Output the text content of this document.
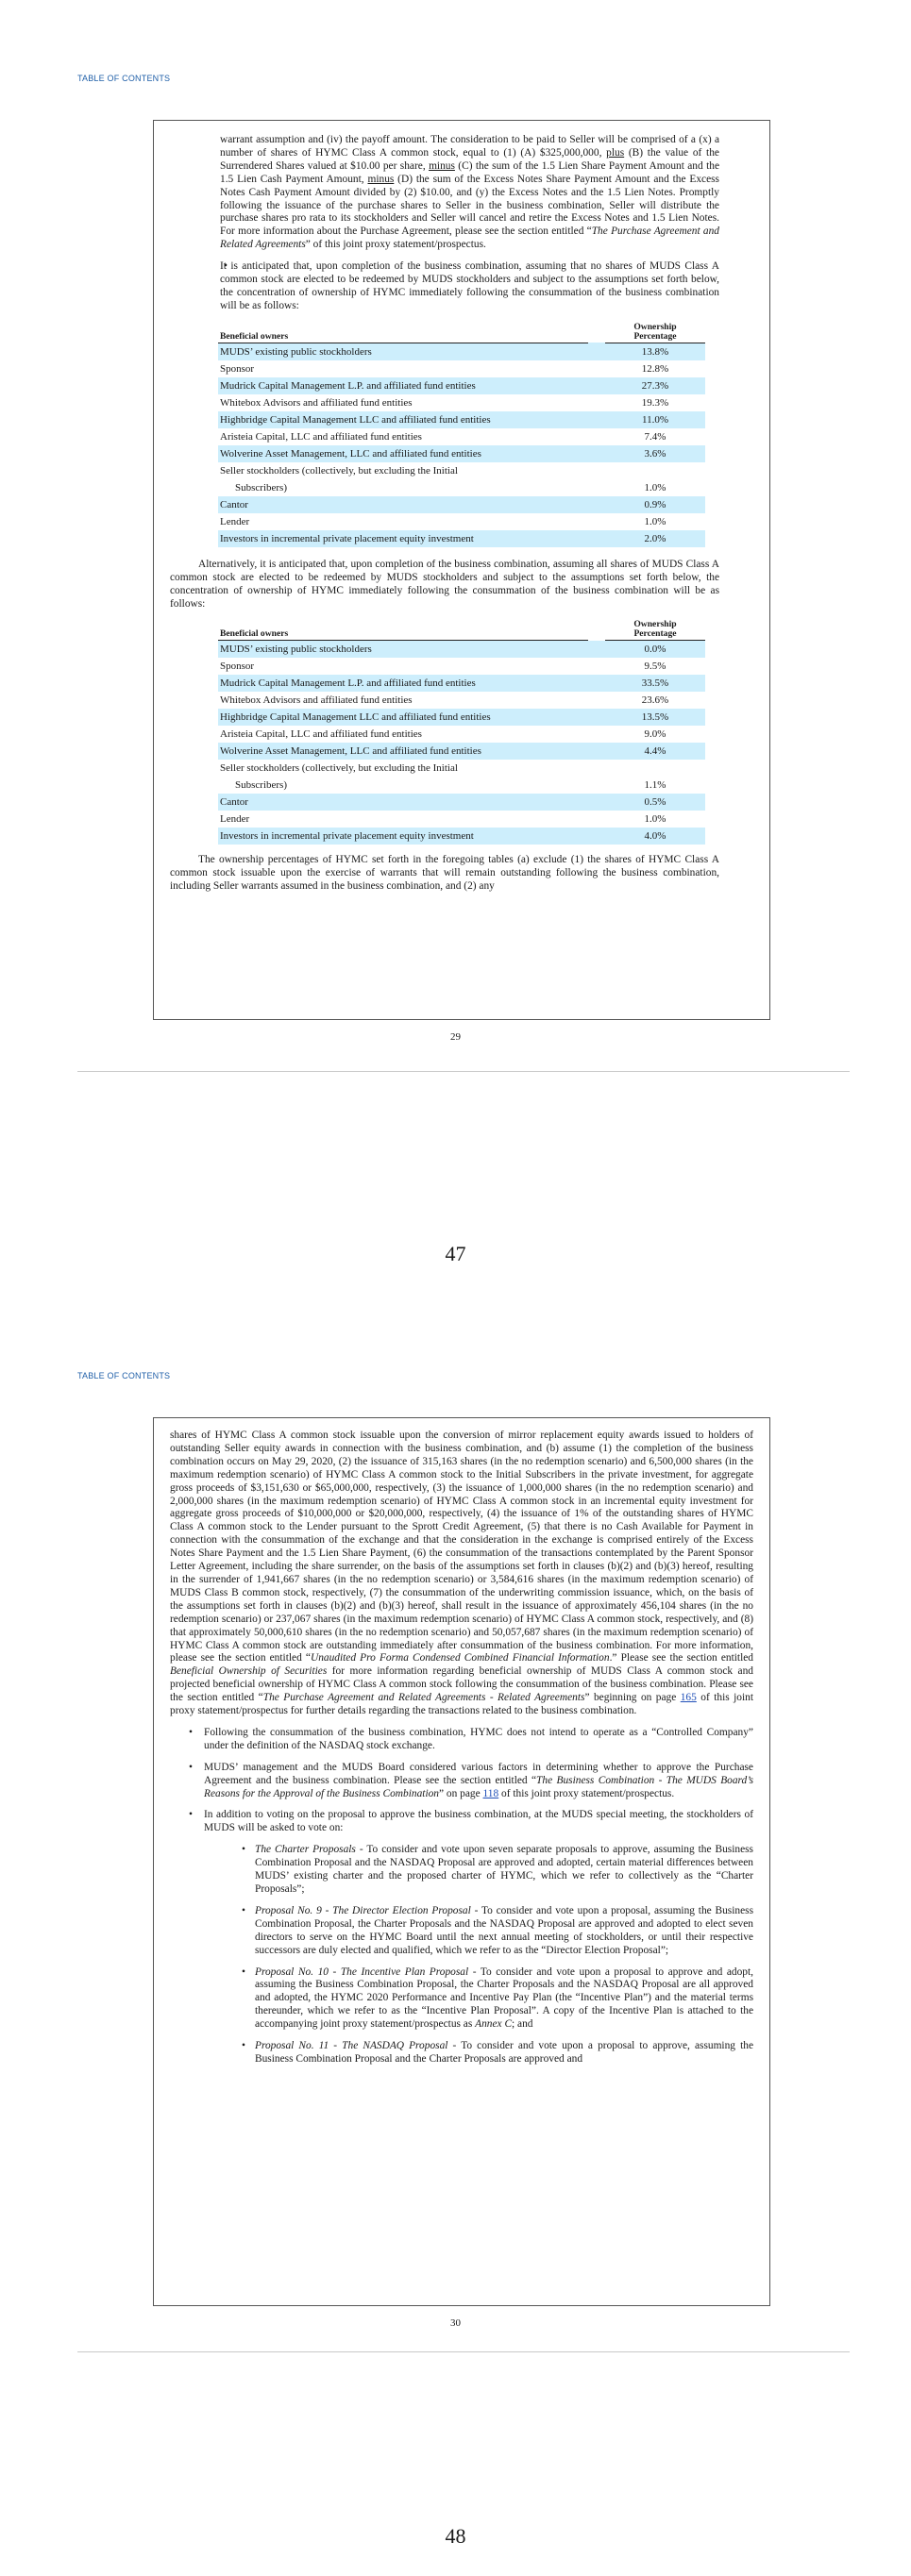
TABLE OF CONTENTS

warrant assumption and (iv) the payoff amount. The consideration to be paid to Seller will be comprised of a (x) a number of shares of HYMC Class A common stock, equal to (1) (A) $325,000,000, plus (B) the value of the Surrendered Shares valued at $10.00 per share, minus (C) the sum of the 1.5 Lien Share Payment Amount and the 1.5 Lien Cash Payment Amount, minus (D) the sum of the Excess Notes Share Payment Amount and the Excess Notes Cash Payment Amount divided by (2) $10.00, and (y) the Excess Notes and the 1.5 Lien Notes. Promptly following the issuance of the purchase shares to Seller in the business combination, Seller will distribute the purchase shares pro rata to its stockholders and Seller will cancel and retire the Excess Notes and 1.5 Lien Notes. For more information about the Purchase Agreement, please see the section entitled “The Purchase Agreement and Related Agreements” of this joint proxy statement/prospectus.

• It is anticipated that, upon completion of the business combination, assuming that no shares of MUDS Class A common stock are elected to be redeemed by MUDS stockholders and subject to the assumptions set forth below, the concentration of ownership of HYMC immediately following the consummation of the business combination will be as follows:
Beneficial owners		Ownership
Percentage
MUDS’ existing public stockholders		13.8%
Sponsor		12.8%
Mudrick Capital Management L.P. and affiliated fund entities		27.3%
Whitebox Advisors and affiliated fund entities		19.3%
Highbridge Capital Management LLC and affiliated fund entities		11.0%
Aristeia Capital, LLC and affiliated fund entities		7.4%
Wolverine Asset Management, LLC and affiliated fund entities		3.6%
Seller stockholders (collectively, but excluding the Initial		
Subscribers)		1.0%
Cantor		0.9%
Lender		1.0%
Investors in incremental private placement equity investment		2.0%

Alternatively, it is anticipated that, upon completion of the business combination, assuming all shares of MUDS Class A common stock are elected to be redeemed by MUDS stockholders and subject to the assumptions set forth below, the concentration of ownership of HYMC immediately following the consummation of the business combination will be as follows:

Beneficial owners		Ownership
Percentage
MUDS’ existing public stockholders		0.0%
Sponsor		9.5%
Mudrick Capital Management L.P. and affiliated fund entities		33.5%
Whitebox Advisors and affiliated fund entities		23.6%
Highbridge Capital Management LLC and affiliated fund entities		13.5%
Aristeia Capital, LLC and affiliated fund entities		9.0%
Wolverine Asset Management, LLC and affiliated fund entities		4.4%
Seller stockholders (collectively, but excluding the Initial		
Subscribers)		1.1%
Cantor		0.5%
Lender		1.0%
Investors in incremental private placement equity investment		4.0%

The ownership percentages of HYMC set forth in the foregoing tables (a) exclude (1) the shares of HYMC Class A common stock issuable upon the exercise of warrants that will remain outstanding following the business combination, including Seller warrants assumed in the business combination, and (2) any

29
47
TABLE OF CONTENTS

shares of HYMC Class A common stock issuable upon the conversion of mirror replacement equity awards issued to holders of outstanding Seller equity awards in connection with the business combination, and (b) assume (1) the completion of the business combination occurs on May 29, 2020, (2) the issuance of 315,163 shares (in the no redemption scenario) and 6,500,000 shares (in the maximum redemption scenario) of HYMC Class A common stock to the Initial Subscribers in the private investment, for aggregate gross proceeds of $3,151,630 or $65,000,000, respectively, (3) the issuance of 1,000,000 shares (in the no redemption scenario) and 2,000,000 shares (in the maximum redemption scenario) of HYMC Class A common stock in an incremental equity investment for aggregate gross proceeds of $10,000,000 or $20,000,000, respectively, (4) the issuance of 1% of the outstanding shares of HYMC Class A common stock to the Lender pursuant to the Sprott Credit Agreement, (5) that there is no Cash Available for Payment in connection with the consummation of the exchange and that the consideration in the exchange is comprised entirely of the Excess Notes Share Payment and the 1.5 Lien Share Payment, (6) the consummation of the transactions contemplated by the Parent Sponsor Letter Agreement, including the share surrender, on the basis of the assumptions set forth in clauses (b)(2) and (b)(3) hereof, resulting in the surrender of 1,941,667 shares (in the no redemption scenario) or 3,584,616 shares (in the maximum redemption scenario) of MUDS Class B common stock, respectively, (7) the consummation of the underwriting commission issuance, which, on the basis of the assumptions set forth in clauses (b)(2) and (b)(3) hereof, shall result in the issuance of approximately 456,104 shares (in the no redemption scenario) or 237,067 shares (in the maximum redemption scenario) of HYMC Class A common stock, respectively, and (8) that approximately 50,000,610 shares (in the no redemption scenario) and 50,057,687 shares (in the maximum redemption scenario) of HYMC Class A common stock are outstanding immediately after consummation of the business combination. For more information, please see the section entitled “Unaudited Pro Forma Condensed Combined Financial Information.” Please see the section entitled Beneficial Ownership of Securities for more information regarding beneficial ownership of MUDS Class A common stock and projected beneficial ownership of HYMC Class A common stock following the consummation of the business combination. Please see the section entitled “The Purchase Agreement and Related Agreements - Related Agreements” beginning on page 165 of this joint proxy statement/prospectus for further details regarding the transactions related to the business combination.

• Following the consummation of the business combination, HYMC does not intend to operate as a “Controlled Company” under the definition of the NASDAQ stock exchange.
• MUDS’ management and the MUDS Board considered various factors in determining whether to approve the Purchase Agreement and the business combination. Please see the section entitled “The Business Combination - The MUDS Board’s Reasons for the Approval of the Business Combination” on page 118 of this joint proxy statement/prospectus.
• In addition to voting on the proposal to approve the business combination, at the MUDS special meeting, the stockholders of MUDS will be asked to vote on:
• The Charter Proposals - To consider and vote upon seven separate proposals to approve, assuming the Business Combination Proposal and the NASDAQ Proposal are approved and adopted, certain material differences between MUDS’ existing charter and the proposed charter of HYMC, which we refer to collectively as the “Charter Proposals”;
• Proposal No. 9 - The Director Election Proposal - To consider and vote upon a proposal, assuming the Business Combination Proposal, the Charter Proposals and the NASDAQ Proposal are approved and adopted to elect seven directors to serve on the HYMC Board until the next annual meeting of stockholders, or until their respective successors are duly elected and qualified, which we refer to as the “Director Election Proposal”;
• Proposal No. 10 - The Incentive Plan Proposal - To consider and vote upon a proposal to approve and adopt, assuming the Business Combination Proposal, the Charter Proposals and the NASDAQ Proposal are all approved and adopted, the HYMC 2020 Performance and Incentive Pay Plan (the “Incentive Plan”) and the material terms thereunder, which we refer to as the “Incentive Plan Proposal”. A copy of the Incentive Plan is attached to the accompanying joint proxy statement/prospectus as Annex C; and
• Proposal No. 11 - The NASDAQ Proposal - To consider and vote upon a proposal to approve, assuming the Business Combination Proposal and the Charter Proposals are approved and
30
48
